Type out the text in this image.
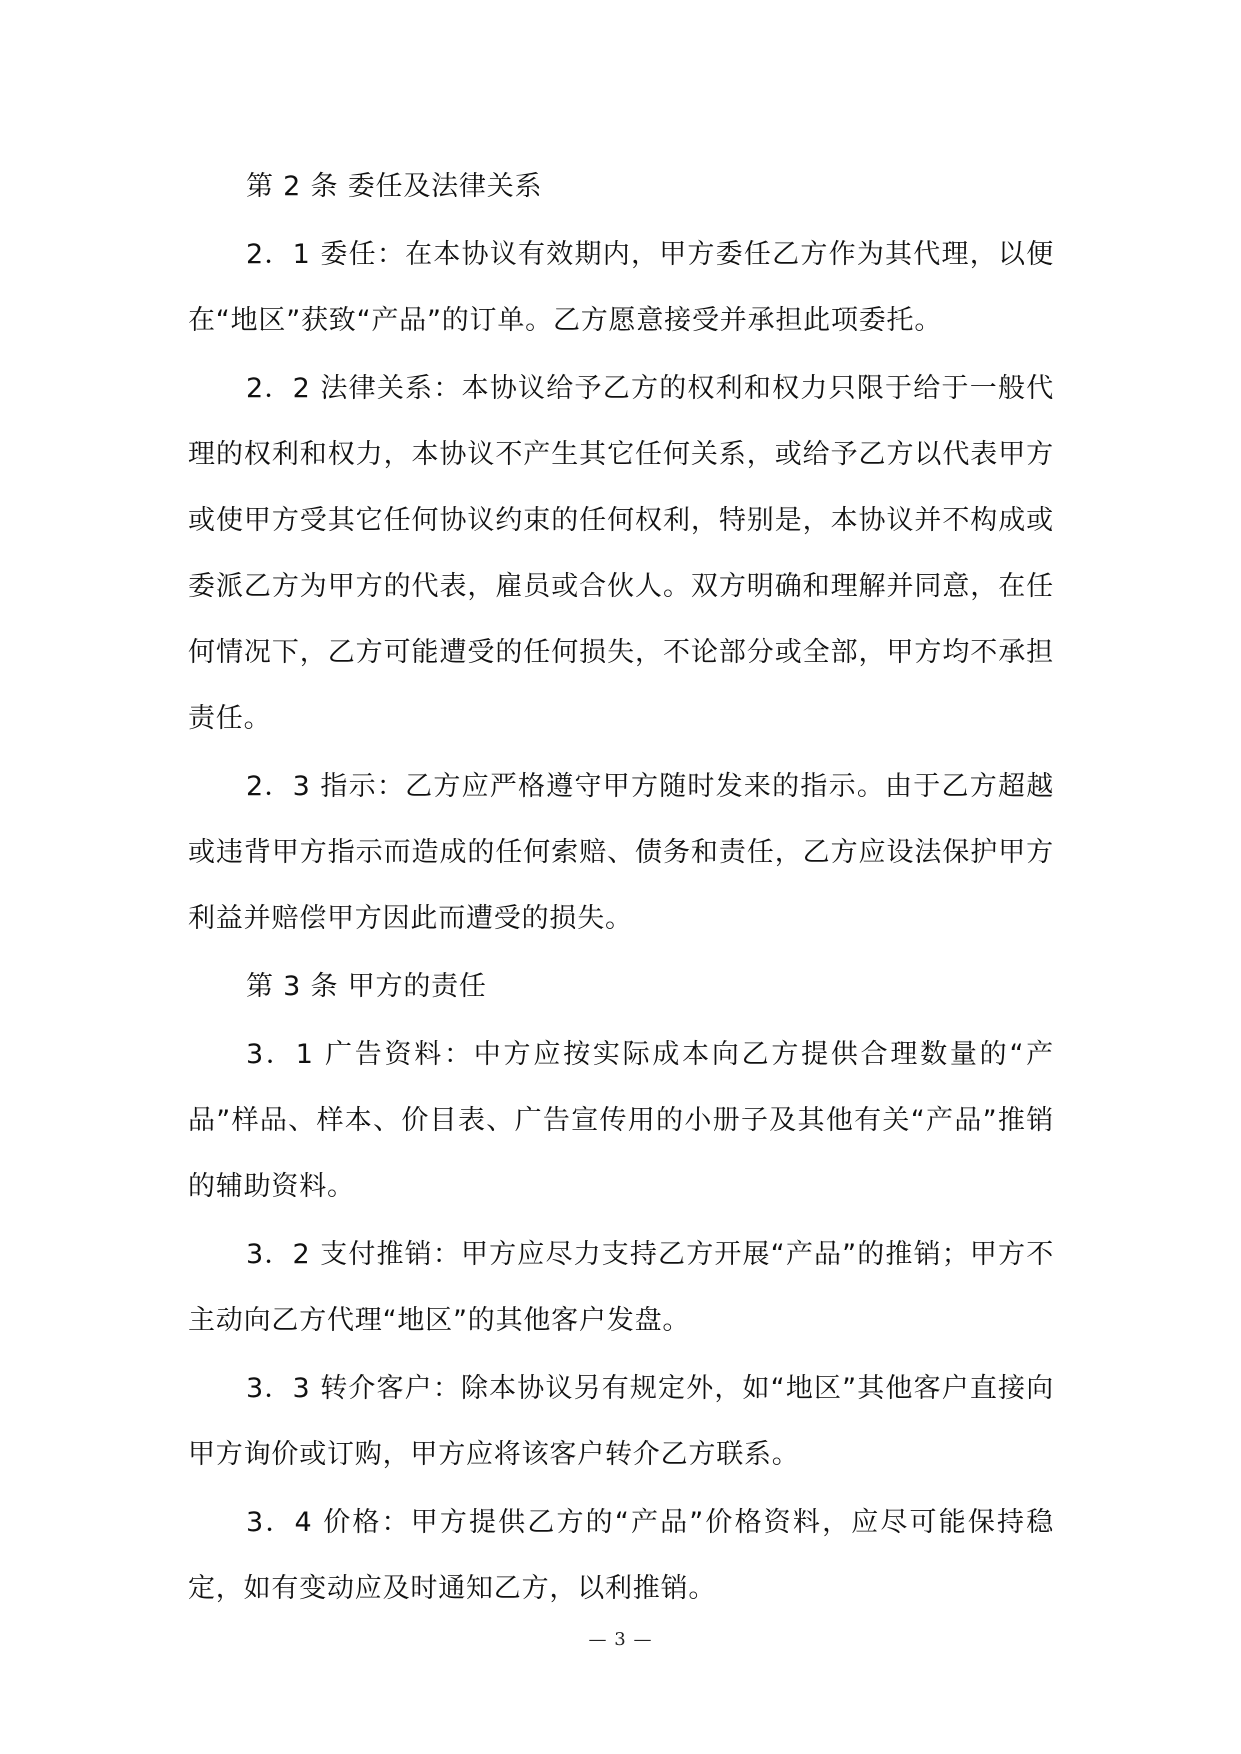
第 2 条 委任及法律关系

2．1 委任：在本协议有效期内，甲方委任乙方作为其代理，以便在“地区”获致“产品”的订单。乙方愿意接受并承担此项委托。

2．2 法律关系：本协议给予乙方的权利和权力只限于给于一般代理的权利和权力，本协议不产生其它任何关系，或给予乙方以代表甲方或使甲方受其它任何协议约束的任何权利，特别是，本协议并不构成或委派乙方为甲方的代表，雇员或合伙人。双方明确和理解并同意，在任何情况下，乙方可能遭受的任何损失，不论部分或全部，甲方均不承担责任。

2．3 指示：乙方应严格遵守甲方随时发来的指示。由于乙方超越或违背甲方指示而造成的任何索赔、债务和责任，乙方应设法保护甲方利益并赔偿甲方因此而遭受的损失。

第 3 条 甲方的责任

3．1 广告资料：中方应按实际成本向乙方提供合理数量的“产品”样品、样本、价目表、广告宣传用的小册子及其他有关“产品”推销的辅助资料。

3．2 支付推销：甲方应尽力支持乙方开展“产品”的推销；甲方不主动向乙方代理“地区”的其他客户发盘。

3．3 转介客户：除本协议另有规定外，如“地区”其他客户直接向甲方询价或订购，甲方应将该客户转介乙方联系。

3．4 价格：甲方提供乙方的“产品”价格资料，应尽可能保持稳定，如有变动应及时通知乙方，以利推销。

— 3 —
